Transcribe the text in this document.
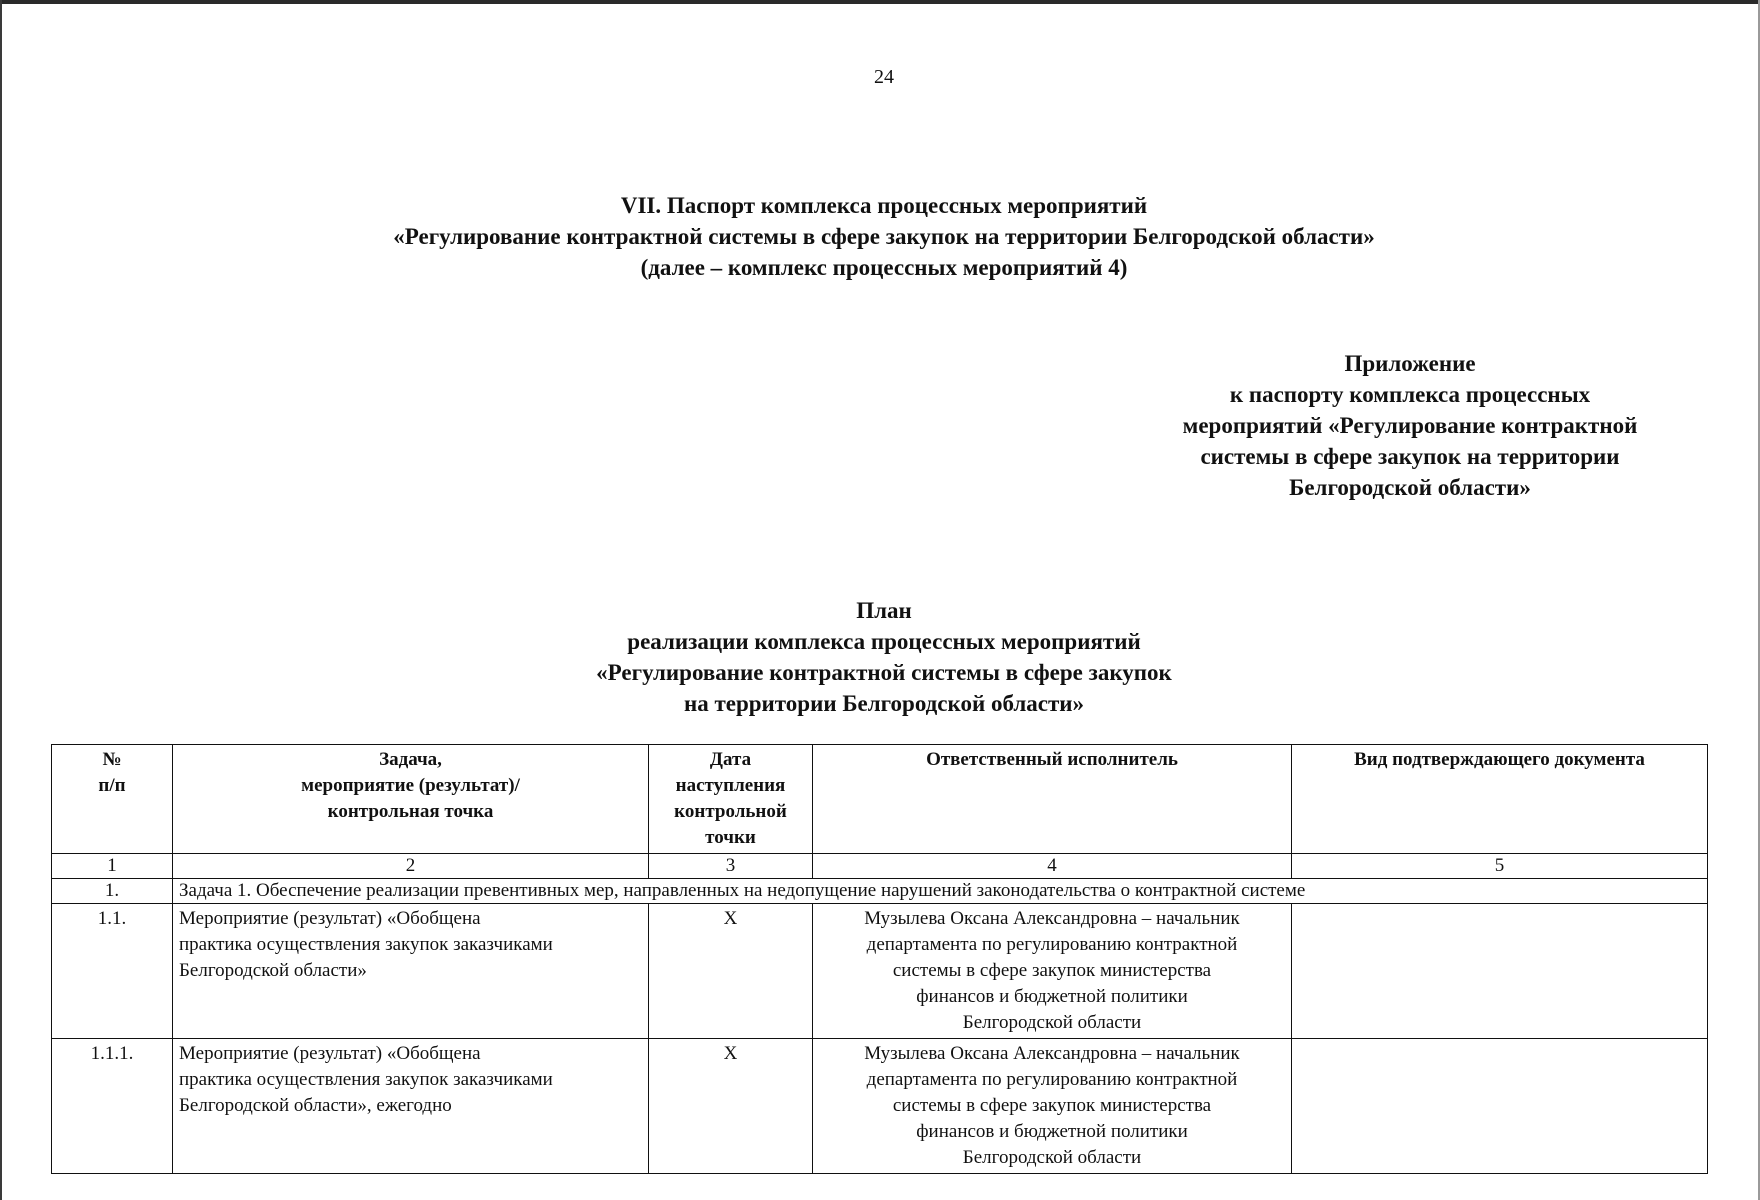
24
VII. Паспорт комплекса процессных мероприятий
«Регулирование контрактной системы в сфере закупок на территории Белгородской области»
(далее – комплекс процессных мероприятий 4)
Приложение
к паспорту комплекса процессных
мероприятий «Регулирование контрактной
системы в сфере закупок на территории
Белгородской области»
План
реализации комплекса процессных мероприятий
«Регулирование контрактной системы в сфере закупок
на территории Белгородской области»
№
п/п	Задача,
мероприятие (результат)/
контрольная точка	Дата
наступления
контрольной
точки	Ответственный исполнитель	Вид подтверждающего документа
1	2	3	4	5
1.	Задача 1. Обеспечение реализации превентивных мер, направленных на недопущение нарушений законодательства о контрактной системе			
1.1.	Мероприятие (результат) «Обобщена
практика осуществления закупок заказчиками
Белгородской области»	X	Музылева Оксана Александровна – начальник
департамента по регулированию контрактной
системы в сфере закупок министерства
финансов и бюджетной политики
Белгородской области	

1.1.1.	Мероприятие (результат) «Обобщена
практика осуществления закупок заказчиками
Белгородской области», ежегодно	X	Музылева Оксана Александровна – начальник
департамента по регулированию контрактной
системы в сфере закупок министерства
финансов и бюджетной политики
Белгородской области	
